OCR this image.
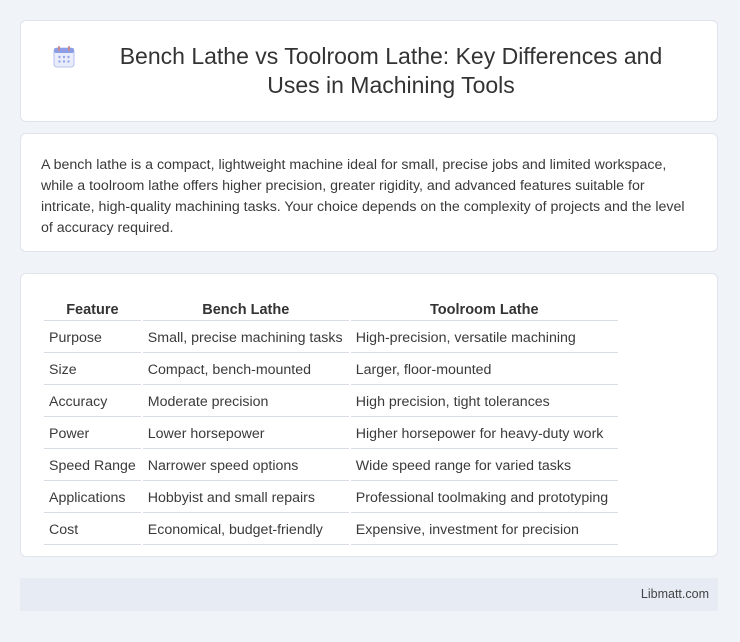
Bench Lathe vs Toolroom Lathe: Key Differences and Uses in Machining Tools

A bench lathe is a compact, lightweight machine ideal for small, precise jobs and limited workspace, while a toolroom lathe offers higher precision, greater rigidity, and advanced features suitable for intricate, high-quality machining tasks. Your choice depends on the complexity of projects and the level of accuracy required.

Feature	Bench Lathe	Toolroom Lathe
Purpose	Small, precise machining tasks	High-precision, versatile machining
Size	Compact, bench-mounted	Larger, floor-mounted
Accuracy	Moderate precision	High precision, tight tolerances
Power	Lower horsepower	Higher horsepower for heavy-duty work
Speed Range	Narrower speed options	Wide speed range for varied tasks
Applications	Hobbyist and small repairs	Professional toolmaking and prototyping
Cost	Economical, budget-friendly	Expensive, investment for precision
Libmatt.com
